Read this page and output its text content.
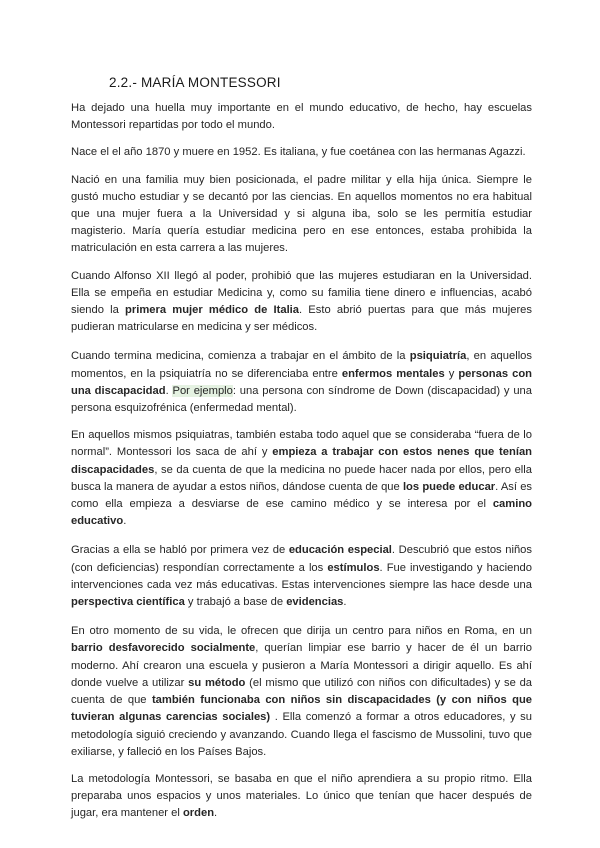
2.2.- MARÍA MONTESSORI

Ha dejado una huella muy importante en el mundo educativo, de hecho, hay escuelas Montessori repartidas por todo el mundo.

Nace el el año 1870 y muere en 1952. Es italiana, y fue coetánea con las hermanas Agazzi.

Nació en una familia muy bien posicionada, el padre militar y ella hija única. Siempre le gustó mucho estudiar y se decantó por las ciencias. En aquellos momentos no era habitual que una mujer fuera a la Universidad y si alguna iba, solo se les permitía estudiar magisterio. María quería estudiar medicina pero en ese entonces, estaba prohibida la matriculación en esta carrera a las mujeres.

Cuando Alfonso XII llegó al poder, prohibió que las mujeres estudiaran en la Universidad. Ella se empeña en estudiar Medicina y, como su familia tiene dinero e influencias, acabó siendo la primera mujer médico de Italia. Esto abrió puertas para que más mujeres pudieran matricularse en medicina y ser médicos.

Cuando termina medicina, comienza a trabajar en el ámbito de la psiquiatría, en aquellos momentos, en la psiquiatría no se diferenciaba entre enfermos mentales y personas con una discapacidad. Por ejemplo: una persona con síndrome de Down (discapacidad) y una persona esquizofrénica (enfermedad mental).

En aquellos mismos psiquiatras, también estaba todo aquel que se consideraba “fuera de lo normal”. Montessori los saca de ahí y empieza a trabajar con estos nenes que tenían discapacidades, se da cuenta de que la medicina no puede hacer nada por ellos, pero ella busca la manera de ayudar a estos niños, dándose cuenta de que los puede educar. Así es como ella empieza a desviarse de ese camino médico y se interesa por el camino educativo.

Gracias a ella se habló por primera vez de educación especial. Descubrió que estos niños (con deficiencias) respondían correctamente a los estímulos. Fue investigando y haciendo intervenciones cada vez más educativas. Estas intervenciones siempre las hace desde una perspectiva científica y trabajó a base de evidencias.

En otro momento de su vida, le ofrecen que dirija un centro para niños en Roma, en un barrio desfavorecido socialmente, querían limpiar ese barrio y hacer de él un barrio moderno. Ahí crearon una escuela y pusieron a María Montessori a dirigir aquello. Es ahí donde vuelve a utilizar su método (el mismo que utilizó con niños con dificultades) y se da cuenta de que también funcionaba con niños sin discapacidades (y con niños que tuvieran algunas carencias sociales) . Ella comenzó a formar a otros educadores, y su metodología siguió creciendo y avanzando. Cuando llega el fascismo de Mussolini, tuvo que exiliarse, y falleció en los Países Bajos.

La metodología Montessori, se basaba en que el niño aprendiera a su propio ritmo. Ella preparaba unos espacios y unos materiales. Lo único que tenían que hacer después de jugar, era mantener el orden.
